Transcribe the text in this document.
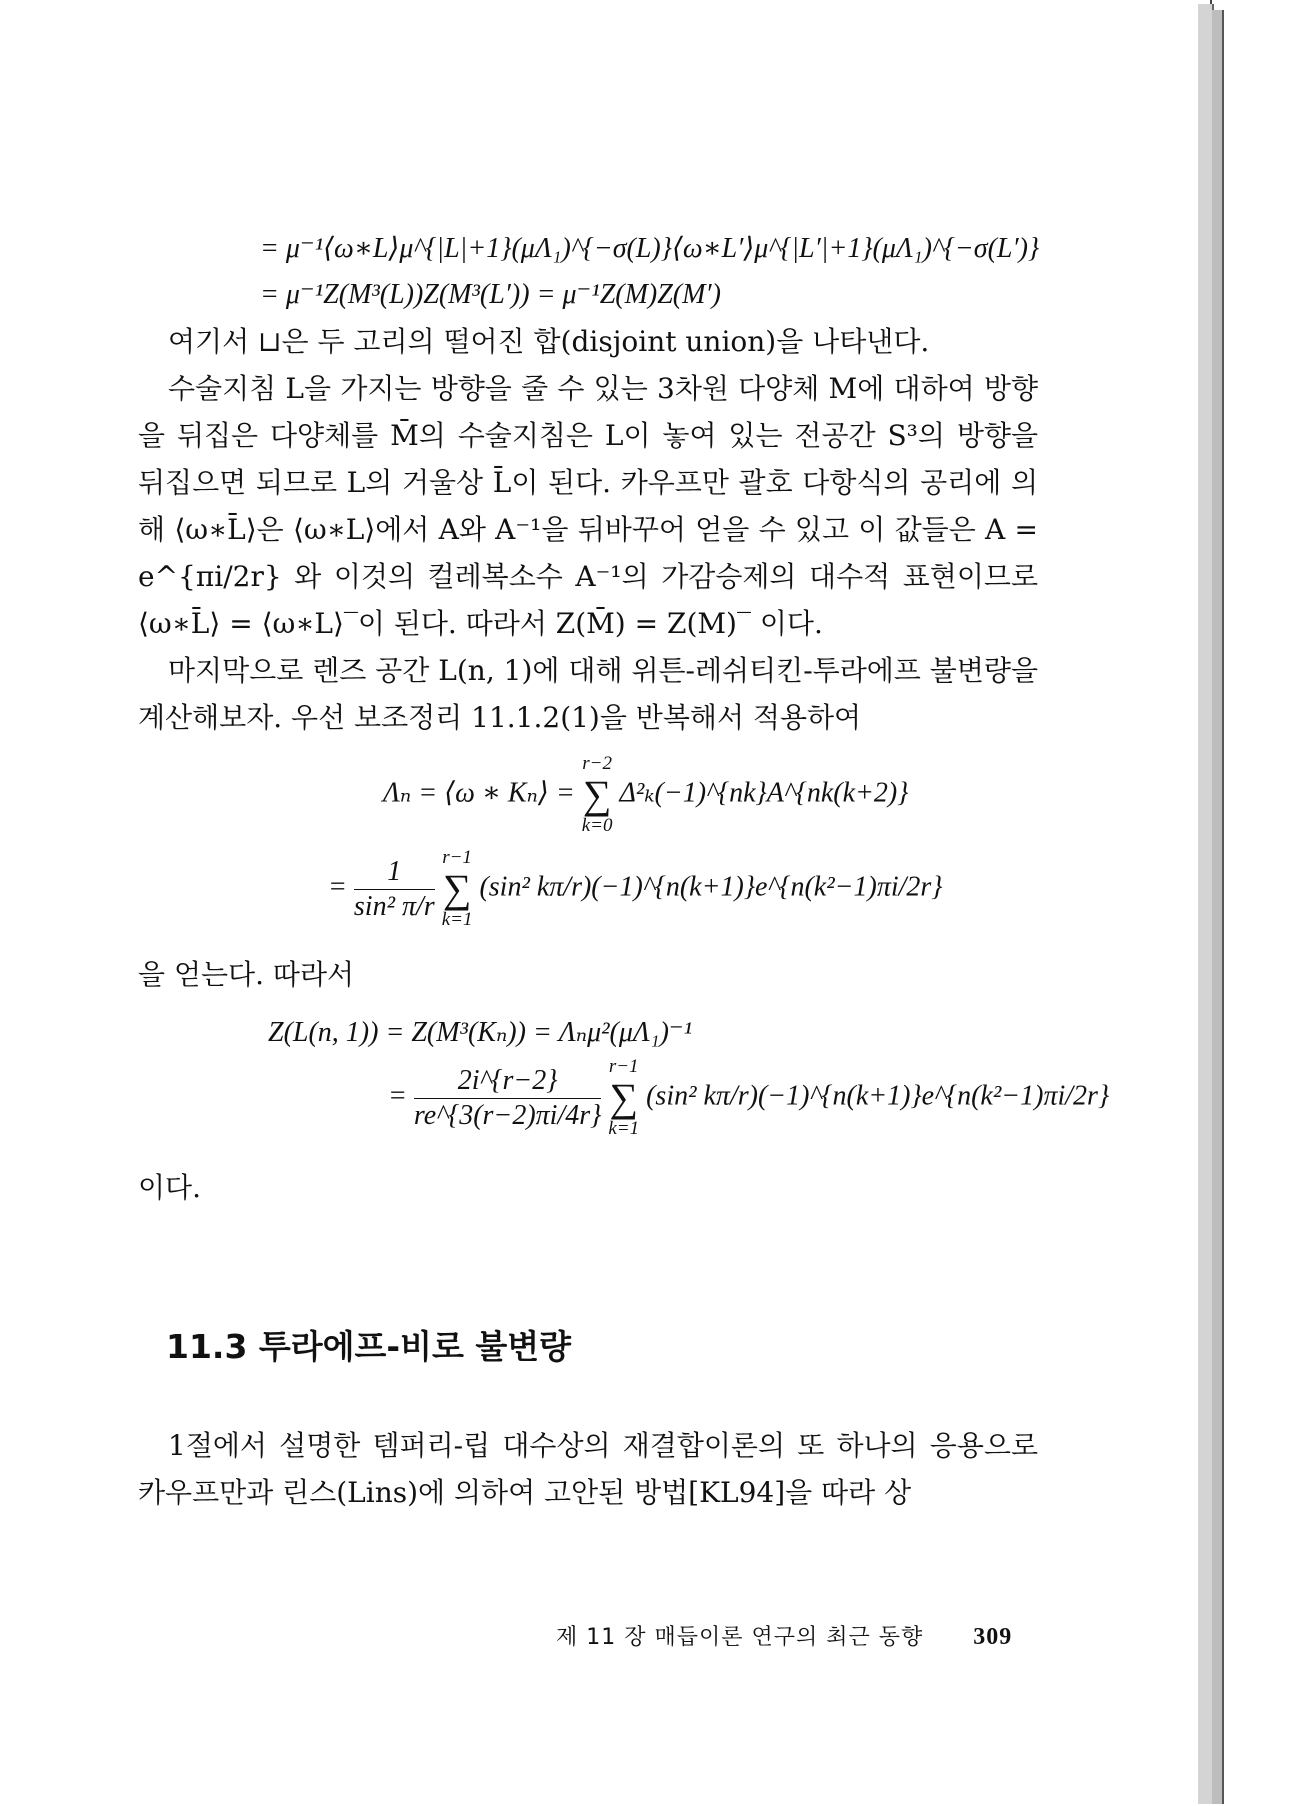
= μ⁻¹⟨ω∗L⟩μ^{|L|+1}(μΛ₁)^{−σ(L)}⟨ω∗L′⟩μ^{|L′|+1}(μΛ₁)^{−σ(L′)}
= μ⁻¹Z(M³(L))Z(M³(L′)) = μ⁻¹Z(M)Z(M′)

여기서 ⊔은 두 고리의 떨어진 합(disjoint union)을 나타낸다.

수술지침 L을 가지는 방향을 줄 수 있는 3차원 다양체 M에 대하여 방향을 뒤집은 다양체를 M̄의 수술지침은 L이 놓여 있는 전공간 S³의 방향을 뒤집으면 되므로 L의 거울상 L̄이 된다. 카우프만 괄호 다항식의 공리에 의해 ⟨ω∗L̄⟩은 ⟨ω∗L⟩에서 A와 A⁻¹을 뒤바꾸어 얻을 수 있고 이 값들은 A = e^{πi/2r} 와 이것의 컬레복소수 A⁻¹의 가감승제의 대수적 표현이므로 ⟨ω∗L̄⟩ = ⟨ω∗L⟩‾이 된다. 따라서 Z(M̄) = Z(M)‾ 이다.

마지막으로 렌즈 공간 L(n, 1)에 대해 위튼-레쉬티킨-투라에프 불변량을 계산해보자. 우선 보조정리 11.1.2(1)을 반복해서 적용하여

Λₙ = ⟨ω ∗ Kₙ⟩ =
r−2
∑
k=0
Δ²ₖ(−1)^{nk}A^{nk(k+2)}
= $\frac{1}{\text{sin² π/r}}$
r−1
∑
k=1
(sin² kπ/r)(−1)^{n(k+1)}e^{n(k²−1)πi/2r}

을 얻는다. 따라서

Z(L(n, 1)) = Z(M³(Kₙ)) = Λₙμ²(μΛ₁)⁻¹
= $\frac{2i\^{}\{r-2\}}{re\^{}\{3(r-2)\pi i/4r\}}$
r−1
∑
k=1
(sin² kπ/r)(−1)^{n(k+1)}e^{n(k²−1)πi/2r}

이다.

11.3 투라에프-비로 불변량

1절에서 설명한 템퍼리-립 대수상의 재결합이론의 또 하나의 응용으로 카우프만과 린스(Lins)에 의하여 고안된 방법[KL94]을 따라 상

제 11 장 매듭이론 연구의 최근 동향 309
